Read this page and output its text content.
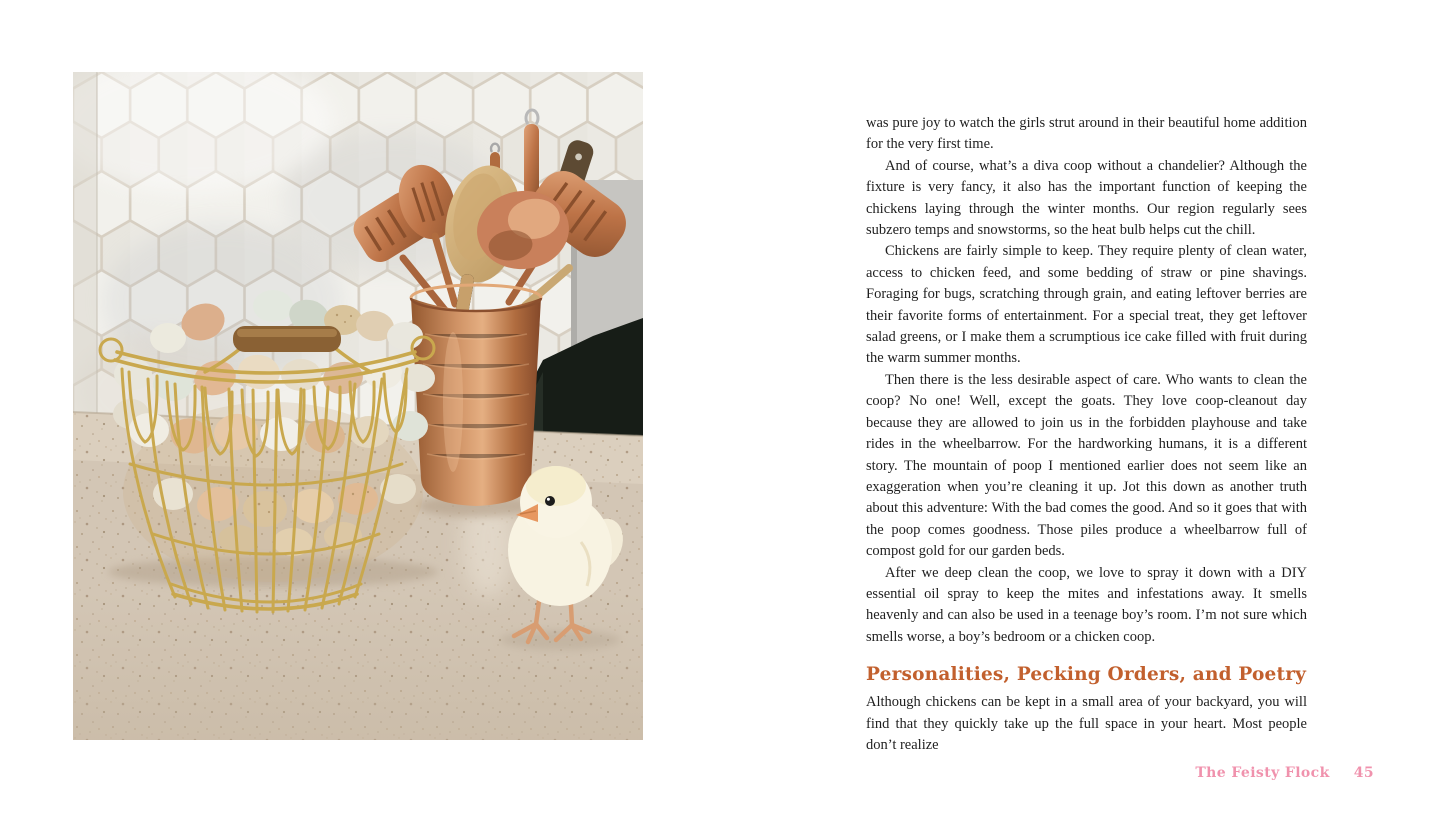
was pure joy to watch the girls strut around in their beautiful home addition for the very first time.

And of course, what’s a diva coop without a chandelier? Although the fixture is very fancy, it also has the important function of keeping the chickens laying through the winter months. Our region regularly sees subzero temps and snowstorms, so the heat bulb helps cut the chill.

Chickens are fairly simple to keep. They require plenty of clean water, access to chicken feed, and some bedding of straw or pine shavings. Foraging for bugs, scratching through grain, and eating leftover berries are their favorite forms of entertainment. For a special treat, they get leftover salad greens, or I make them a scrumptious ice cake filled with fruit during the warm summer months.

Then there is the less desirable aspect of care. Who wants to clean the coop? No one! Well, except the goats. They love coop-cleanout day because they are allowed to join us in the forbidden playhouse and take rides in the wheelbarrow. For the hardworking humans, it is a different story. The mountain of poop I mentioned earlier does not seem like an exaggeration when you’re cleaning it up. Jot this down as another truth about this adventure: With the bad comes the good. And so it goes that with the poop comes goodness. Those piles produce a wheelbarrow full of compost gold for our garden beds.

After we deep clean the coop, we love to spray it down with a DIY essential oil spray to keep the mites and infestations away. It smells heavenly and can also be used in a teenage boy’s room. I’m not sure which smells worse, a boy’s bedroom or a chicken coop.

Personalities, Pecking Orders, and Poetry

Although chickens can be kept in a small area of your backyard, you will find that they quickly take up the full space in your heart. Most people don’t realize

The Feisty Flock 45
